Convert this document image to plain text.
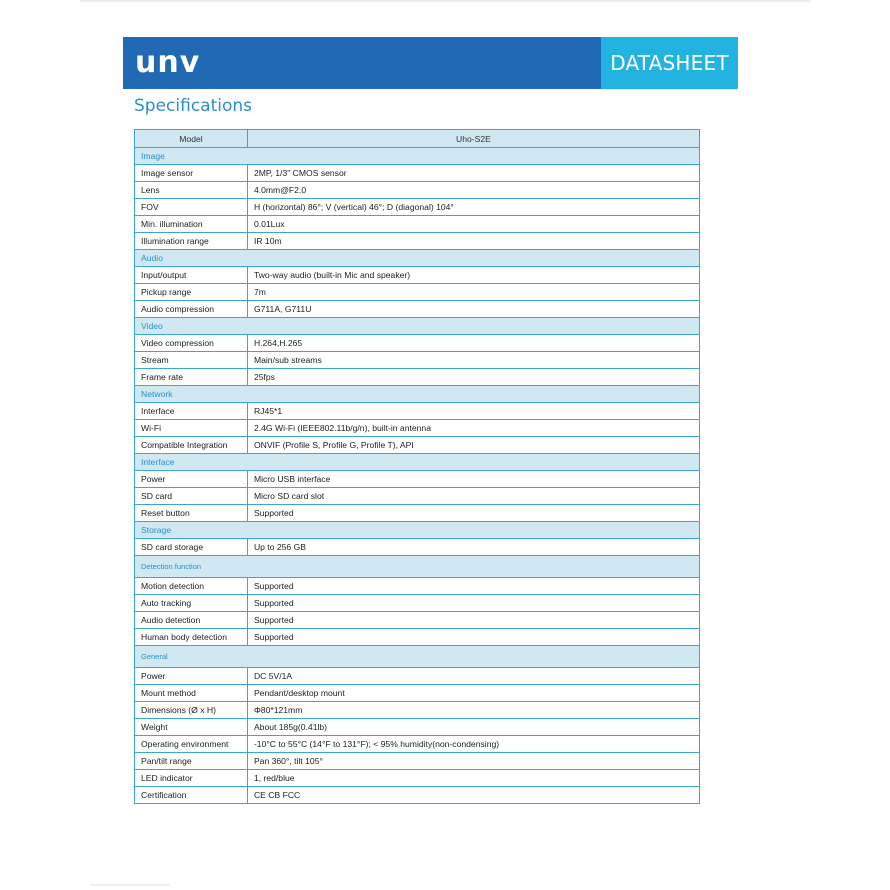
unv	DATASHEET
Specifications
Model	Uho-S2E
Image	
Image sensor	2MP, 1/3" CMOS sensor
Lens	4.0mm@F2.0
FOV	H (horizontal) 86°; V (vertical) 46°; D (diagonal) 104°
Min. illumination	0.01Lux
Illumination range	IR 10m
Audio	
Input/output	Two-way audio (built-in Mic and speaker)
Pickup range	7m
Audio compression	G711A, G711U
Video	
Video compression	H.264,H.265
Stream	Main/sub streams
Frame rate	25fps
Network	
Interface	RJ45*1
Wi-Fi	2.4G Wi-Fi (IEEE802.11b/g/n), built-in antenna
Compatible Integration	ONVIF (Profile S, Profile G, Profile T), API
Interface	
Power	Micro USB interface
SD card	Micro SD card slot
Reset button	Supported
Storage	
SD card storage	Up to 256 GB
Detection function	
Motion detection	Supported
Auto tracking	Supported
Audio detection	Supported
Human body detection	Supported
General	
Power	DC 5V/1A
Mount method	Pendant/desktop mount
Dimensions (Ø x H)	Φ80*121mm
Weight	About 185g(0.41lb)
Operating environment	-10°C to 55°C (14°F to 131°F); < 95% humidity(non-condensing)
Pan/tilt range	Pan 360°, tilt 105°
LED indicator	1, red/blue
Certification	CE CB FCC
